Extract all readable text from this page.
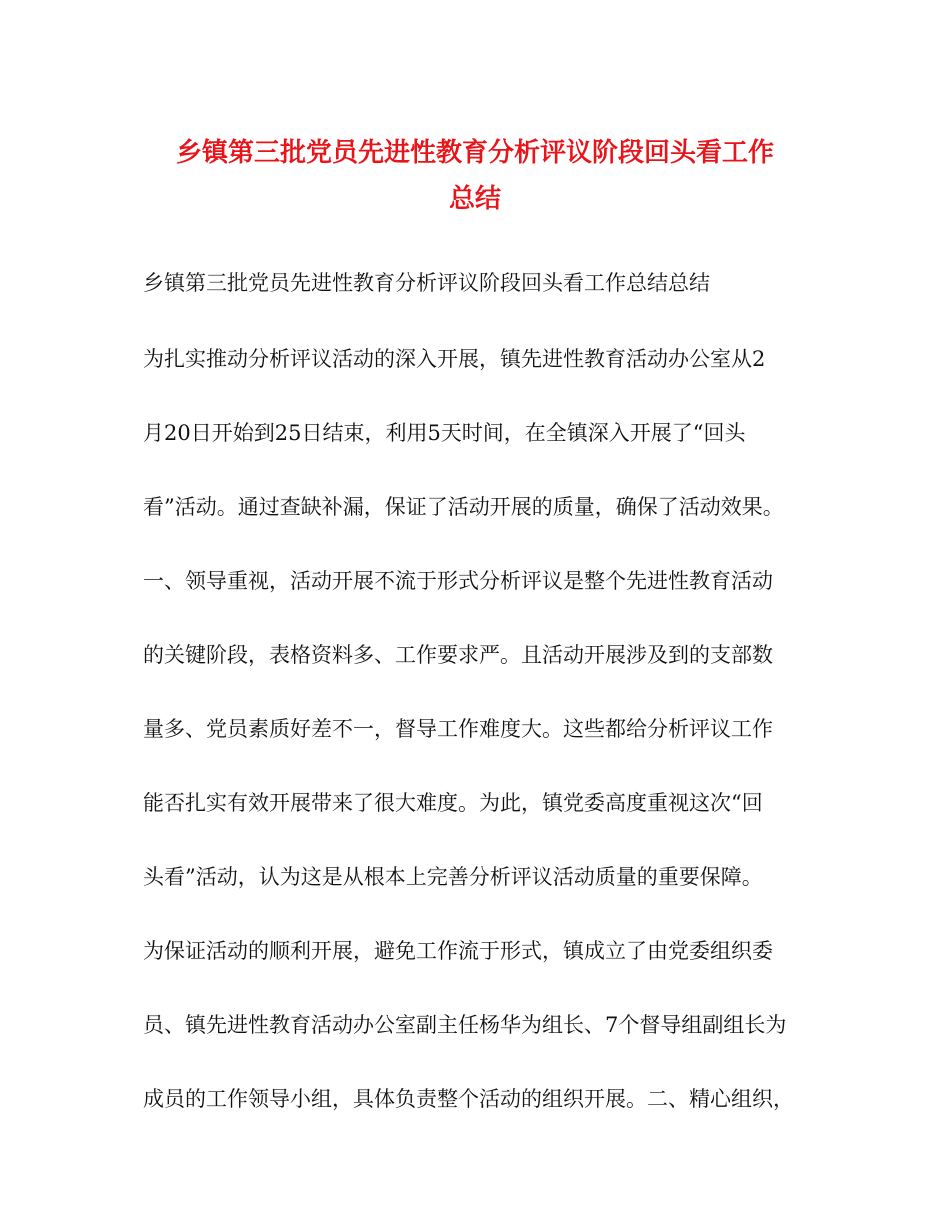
乡镇第三批党员先进性教育分析评议阶段回头看工作
总结
乡镇第三批党员先进性教育分析评议阶段回头看工作总结总结
为扎实推动分析评议活动的深入开展，镇先进性教育活动办公室从2
月20日开始到25日结束，利用5天时间，在全镇深入开展了“回头
看”活动。通过查缺补漏，保证了活动开展的质量，确保了活动效果。
一、领导重视，活动开展不流于形式分析评议是整个先进性教育活动
的关键阶段，表格资料多、工作要求严。且活动开展涉及到的支部数
量多、党员素质好差不一，督导工作难度大。这些都给分析评议工作
能否扎实有效开展带来了很大难度。为此，镇党委高度重视这次“回
头看”活动，认为这是从根本上完善分析评议活动质量的重要保障。
为保证活动的顺利开展，避免工作流于形式，镇成立了由党委组织委
员、镇先进性教育活动办公室副主任杨华为组长、7个督导组副组长为
成员的工作领导小组，具体负责整个活动的组织开展。二、精心组织，
